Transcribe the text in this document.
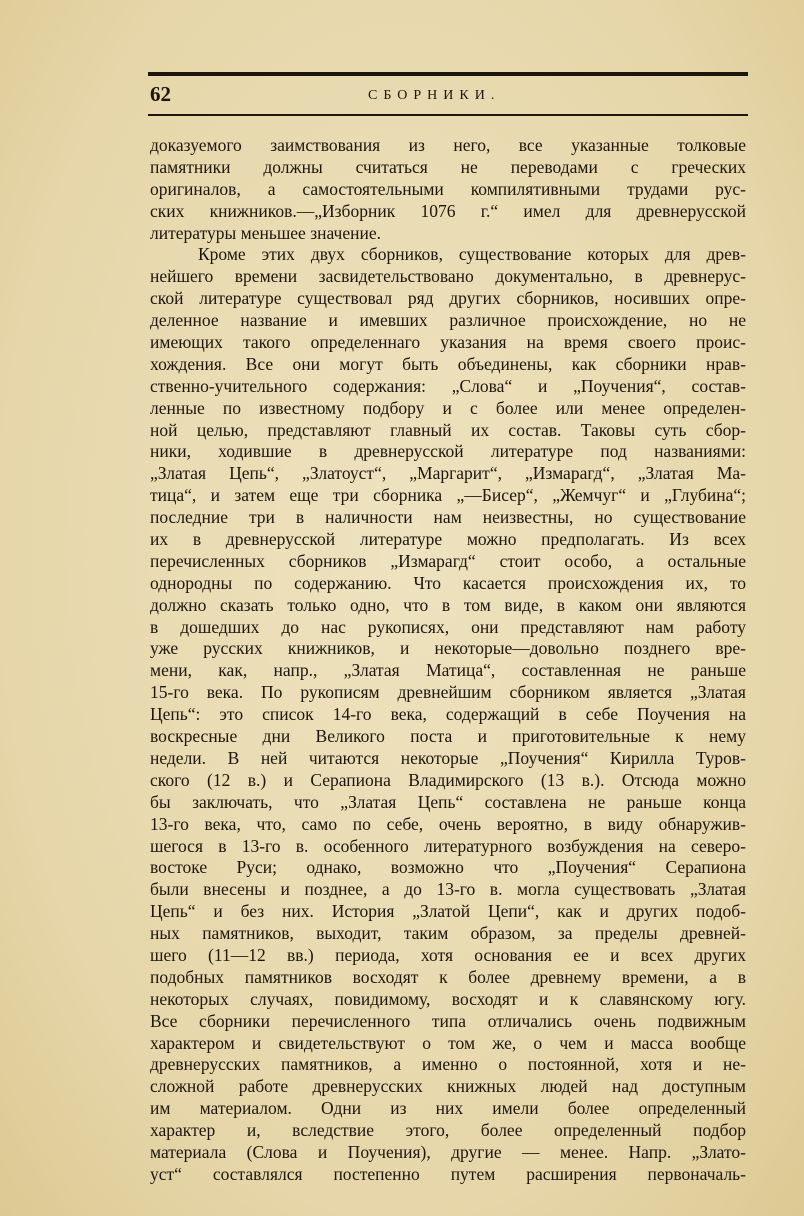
62	СБОРНИКИ.
доказуемого заимствования из него, все указанные толковые
памятники должны считаться не переводами с греческих
оригиналов, а самостоятельными компилятивными трудами рус-
ских книжников.—„Изборник 1076 г.“ имел для древнерусской
литературы меньшее значение.
Кроме этих двух сборников, существование которых для древ-
нейшего времени засвидетельствовано документально, в древнерус-
ской литературе существовал ряд других сборников, носивших опре-
деленное название и имевших различное происхождение, но не
имеющих такого определеннаго указания на время своего проис-
хождения. Все они могут быть объединены, как сборники нрав-
ственно-учительного содержания: „Слова“ и „Поучения“, состав-
ленные по известному подбору и с более или менее определен-
ной целью, представляют главный их состав. Таковы суть сбор-
ники, ходившие в древнерусской литературе под названиями:
„Златая Цепь“, „Златоуст“, „Маргарит“, „Измарагд“, „Златая Ма-
тица“, и затем еще три сборника „—Бисер“, „Жемчуг“ и „Глубина“;
последние три в наличности нам неизвестны, но существование
их в древнерусской литературе можно предполагать. Из всех
перечисленных сборников „Измарагд“ стоит особо, а остальные
однородны по содержанию. Что касается происхождения их, то
должно сказать только одно, что в том виде, в каком они являются
в дошедших до нас рукописях, они представляют нам работу
уже русских книжников, и некоторые—довольно позднего вре-
мени, как, напр., „Златая Матица“, составленная не раньше
15-го века. По рукописям древнейшим сборником является „Златая
Цепь“: это список 14-го века, содержащий в себе Поучения на
воскресные дни Великого поста и приготовительные к нему
недели. В ней читаются некоторые „Поучения“ Кирилла Туров-
ского (12 в.) и Серапиона Владимирского (13 в.). Отсюда можно
бы заключать, что „Златая Цепь“ составлена не раньше конца
13-го века, что, само по себе, очень вероятно, в виду обнаружив-
шегося в 13-го в. особенного литературного возбуждения на северо-
востоке Руси; однако, возможно что „Поучения“ Серапиона
были внесены и позднее, а до 13-го в. могла существовать „Златая
Цепь“ и без них. История „Златой Цепи“, как и других подоб-
ных памятников, выходит, таким образом, за пределы древней-
шего (11—12 вв.) периода, хотя основания ее и всех других
подобных памятников восходят к более древнему времени, а в
некоторых случаях, повидимому, восходят и к славянскому югу.
Все сборники перечисленного типа отличались очень подвижным
характером и свидетельствуют о том же, о чем и масса вообще
древнерусских памятников, а именно о постоянной, хотя и не-
сложной работе древнерусских книжных людей над доступным
им материалом. Одни из них имели более определенный
характер и, вследствие этого, более определенный подбор
материала (Слова и Поучения), другие — менее. Напр. „Злато-
уст“ составлялся постепенно путем расширения первоначаль-
